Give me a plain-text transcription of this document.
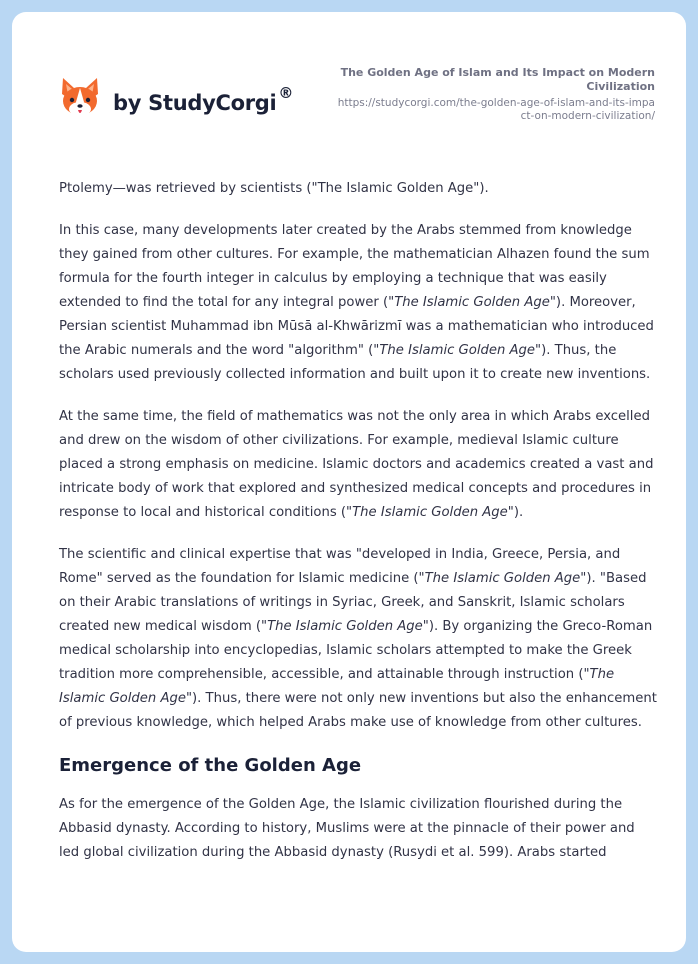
by StudyCorgi ®
The Golden Age of Islam and Its Impact on Modern Civilization
https://studycorgi.com/the-golden-age-of-islam-and-its-impact-on-modern-civilization/

Ptolemy—was retrieved by scientists ("The Islamic Golden Age").

In this case, many developments later created by the Arabs stemmed from knowledge they gained from other cultures. For example, the mathematician Alhazen found the sum formula for the fourth integer in calculus by employing a technique that was easily extended to find the total for any integral power ("The Islamic Golden Age"). Moreover, Persian scientist Muhammad ibn Mūsā al-Khwārizmī was a mathematician who introduced the Arabic numerals and the word "algorithm" ("The Islamic Golden Age"). Thus, the scholars used previously collected information and built upon it to create new inventions.

At the same time, the field of mathematics was not the only area in which Arabs excelled and drew on the wisdom of other civilizations. For example, medieval Islamic culture placed a strong emphasis on medicine. Islamic doctors and academics created a vast and intricate body of work that explored and synthesized medical concepts and procedures in response to local and historical conditions ("The Islamic Golden Age").

The scientific and clinical expertise that was "developed in India, Greece, Persia, and Rome" served as the foundation for Islamic medicine ("The Islamic Golden Age"). "Based on their Arabic translations of writings in Syriac, Greek, and Sanskrit, Islamic scholars created new medical wisdom ("The Islamic Golden Age"). By organizing the Greco-Roman medical scholarship into encyclopedias, Islamic scholars attempted to make the Greek tradition more comprehensible, accessible, and attainable through instruction ("The Islamic Golden Age"). Thus, there were not only new inventions but also the enhancement of previous knowledge, which helped Arabs make use of knowledge from other cultures.

Emergence of the Golden Age

As for the emergence of the Golden Age, the Islamic civilization flourished during the Abbasid dynasty. According to history, Muslims were at the pinnacle of their power and led global civilization during the Abbasid dynasty (Rusydi et al. 599). Arabs started
